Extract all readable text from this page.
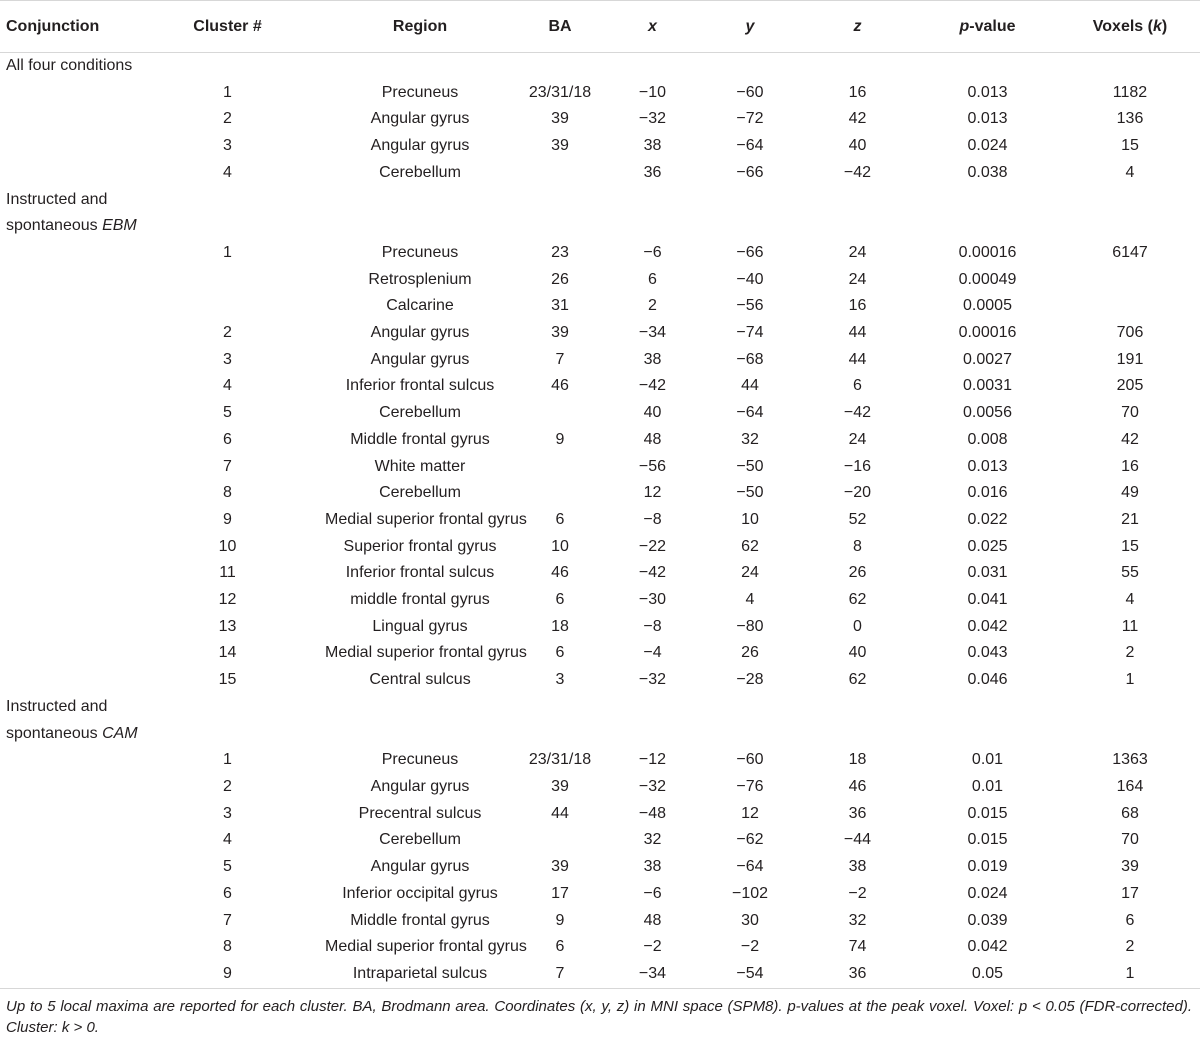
Conjunction	Cluster #	Region	BA	x	y	z	p-value	Voxels (k)
All four conditions								
	1	Precuneus	23/31/18	−10	−60	16	0.013	1182
	2	Angular gyrus	39	−32	−72	42	0.013	136
	3	Angular gyrus	39	38	−64	40	0.024	15
	4	Cerebellum		36	−66	−42	0.038	4
Instructed and								
spontaneous EBM								
	1	Precuneus	23	−6	−66	24	0.00016	6147
		Retrosplenium	26	6	−40	24	0.00049	
		Calcarine	31	2	−56	16	0.0005	
	2	Angular gyrus	39	−34	−74	44	0.00016	706
	3	Angular gyrus	7	38	−68	44	0.0027	191
	4	Inferior frontal sulcus	46	−42	44	6	0.0031	205
	5	Cerebellum		40	−64	−42	0.0056	70
	6	Middle frontal gyrus	9	48	32	24	0.008	42
	7	White matter		−56	−50	−16	0.013	16
	8	Cerebellum		12	−50	−20	0.016	49
	9	Medial superior frontal gyrus	6	−8	10	52	0.022	21
	10	Superior frontal gyrus	10	−22	62	8	0.025	15
	11	Inferior frontal sulcus	46	−42	24	26	0.031	55
	12	middle frontal gyrus	6	−30	4	62	0.041	4
	13	Lingual gyrus	18	−8	−80	0	0.042	11
	14	Medial superior frontal gyrus	6	−4	26	40	0.043	2
	15	Central sulcus	3	−32	−28	62	0.046	1
Instructed and								
spontaneous CAM								
	1	Precuneus	23/31/18	−12	−60	18	0.01	1363
	2	Angular gyrus	39	−32	−76	46	0.01	164
	3	Precentral sulcus	44	−48	12	36	0.015	68
	4	Cerebellum		32	−62	−44	0.015	70
	5	Angular gyrus	39	38	−64	38	0.019	39
	6	Inferior occipital gyrus	17	−6	−102	−2	0.024	17
	7	Middle frontal gyrus	9	48	30	32	0.039	6
	8	Medial superior frontal gyrus	6	−2	−2	74	0.042	2
	9	Intraparietal sulcus	7	−34	−54	36	0.05	1
Up to 5 local maxima are reported for each cluster. BA, Brodmann area. Coordinates (x, y, z) in MNI space (SPM8). p-values at the peak voxel. Voxel: p < 0.05 (FDR-corrected). Cluster: k > 0.
